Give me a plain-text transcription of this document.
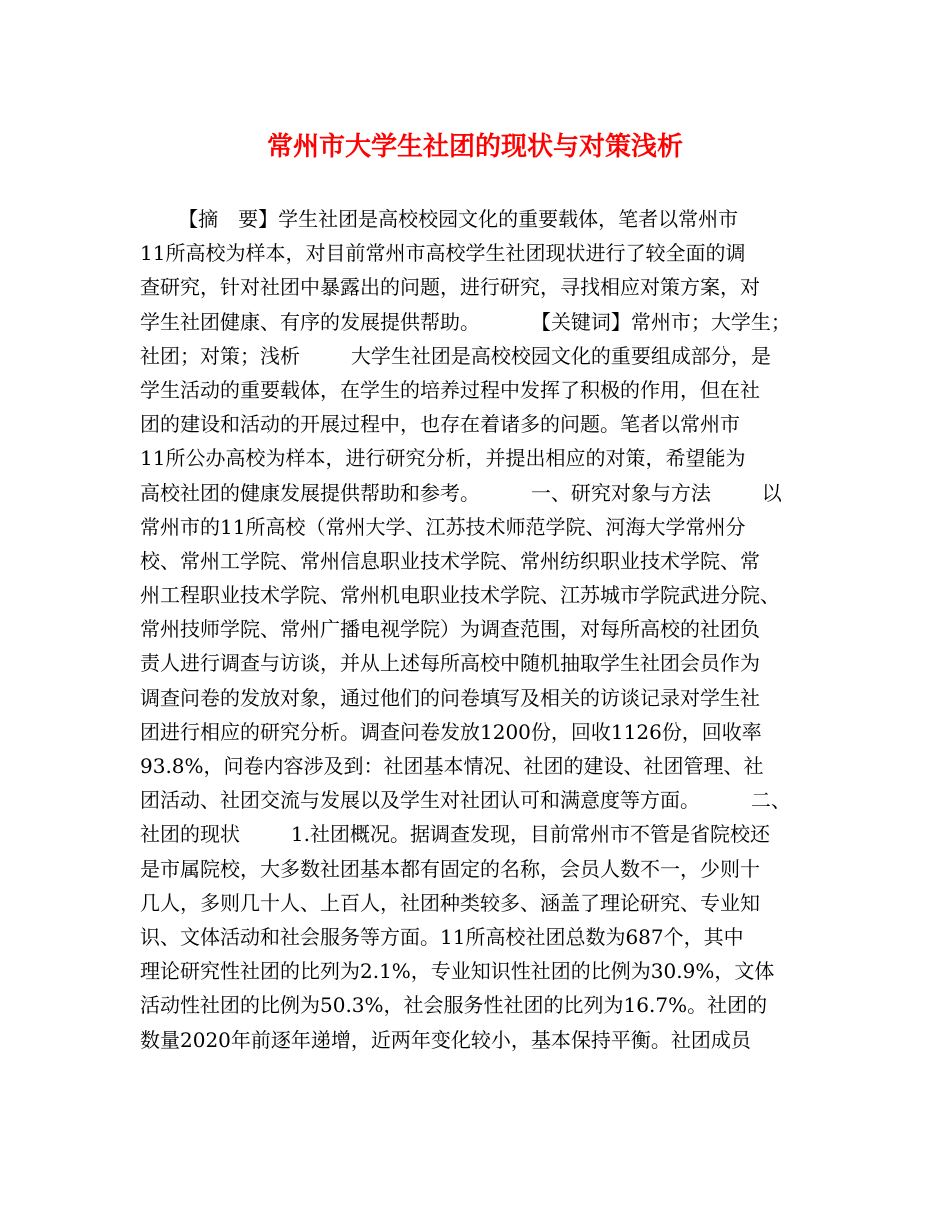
常州市大学生社团的现状与对策浅析
【摘　要】学生社团是高校校园文化的重要载体，笔者以常州市
11所高校为样本，对目前常州市高校学生社团现状进行了较全面的调
查研究，针对社团中暴露出的问题，进行研究，寻找相应对策方案，对
学生社团健康、有序的发展提供帮助。        【关键词】常州市；大学生；
社团；对策；浅析        大学生社团是高校校园文化的重要组成部分，是
学生活动的重要载体，在学生的培养过程中发挥了积极的作用，但在社
团的建设和活动的开展过程中，也存在着诸多的问题。笔者以常州市
11所公办高校为样本，进行研究分析，并提出相应的对策，希望能为
高校社团的健康发展提供帮助和参考。        一、研究对象与方法        以
常州市的11所高校（常州大学、江苏技术师范学院、河海大学常州分
校、常州工学院、常州信息职业技术学院、常州纺织职业技术学院、常
州工程职业技术学院、常州机电职业技术学院、江苏城市学院武进分院、
常州技师学院、常州广播电视学院）为调查范围，对每所高校的社团负
责人进行调查与访谈，并从上述每所高校中随机抽取学生社团会员作为
调查问卷的发放对象，通过他们的问卷填写及相关的访谈记录对学生社
团进行相应的研究分析。调查问卷发放1200份，回收1126份，回收率
93.8%，问卷内容涉及到：社团基本情况、社团的建设、社团管理、社
团活动、社团交流与发展以及学生对社团认可和满意度等方面。        二、
社团的现状        1.社团概况。据调查发现，目前常州市不管是省院校还
是市属院校，大多数社团基本都有固定的名称，会员人数不一，少则十
几人，多则几十人、上百人，社团种类较多、涵盖了理论研究、专业知
识、文体活动和社会服务等方面。11所高校社团总数为687个，其中
理论研究性社团的比列为2.1%，专业知识性社团的比例为30.9%，文体
活动性社团的比例为50.3%，社会服务性社团的比列为16.7%。社团的
数量2020年前逐年递增，近两年变化较小，基本保持平衡。社团成员
